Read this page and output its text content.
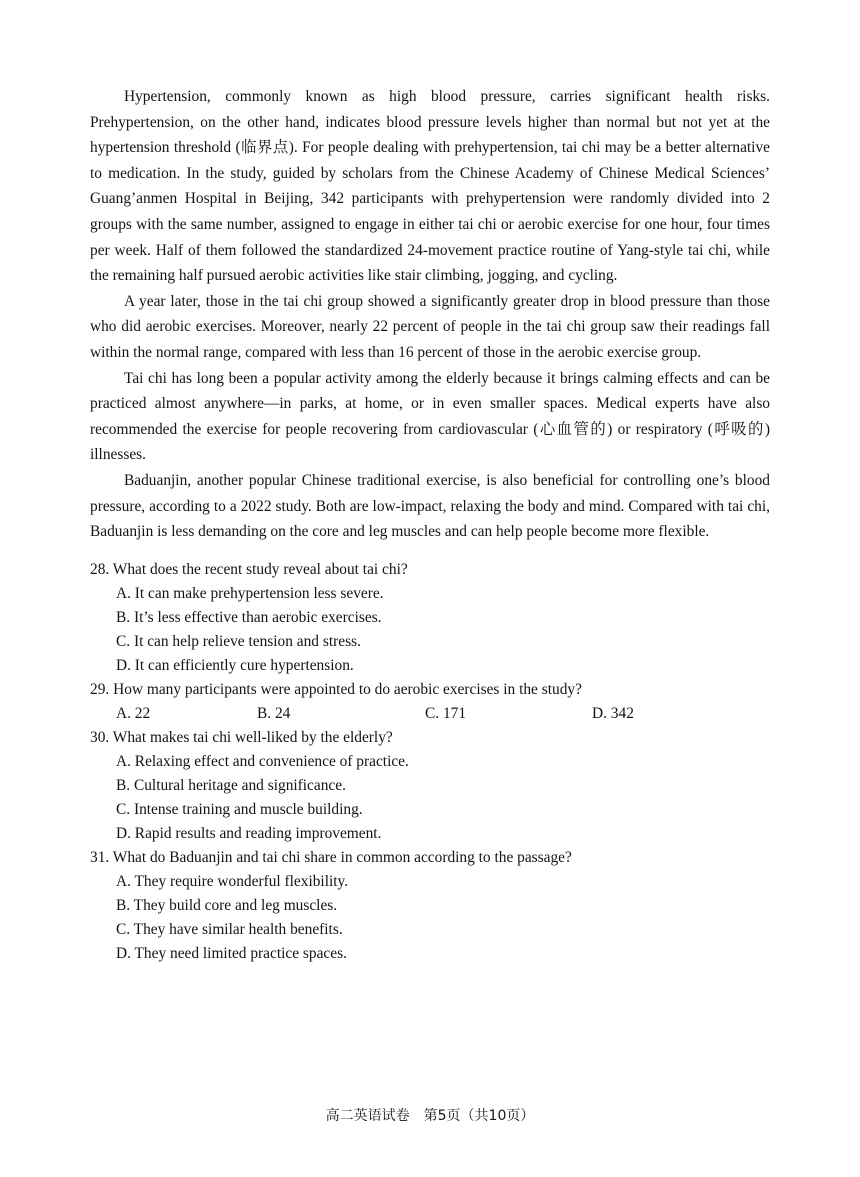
Hypertension, commonly known as high blood pressure, carries significant health risks. Prehypertension, on the other hand, indicates blood pressure levels higher than normal but not yet at the hypertension threshold (临界点). For people dealing with prehypertension, tai chi may be a better alternative to medication. In the study, guided by scholars from the Chinese Academy of Chinese Medical Sciences’ Guang’anmen Hospital in Beijing, 342 participants with prehypertension were randomly divided into 2 groups with the same number, assigned to engage in either tai chi or aerobic exercise for one hour, four times per week. Half of them followed the standardized 24-movement practice routine of Yang-style tai chi, while the remaining half pursued aerobic activities like stair climbing, jogging, and cycling.

A year later, those in the tai chi group showed a significantly greater drop in blood pressure than those who did aerobic exercises. Moreover, nearly 22 percent of people in the tai chi group saw their readings fall within the normal range, compared with less than 16 percent of those in the aerobic exercise group.

Tai chi has long been a popular activity among the elderly because it brings calming effects and can be practiced almost anywhere—in parks, at home, or in even smaller spaces. Medical experts have also recommended the exercise for people recovering from cardiovascular (心血管的) or respiratory (呼吸的) illnesses.

Baduanjin, another popular Chinese traditional exercise, is also beneficial for controlling one’s blood pressure, according to a 2022 study. Both are low-impact, relaxing the body and mind. Compared with tai chi, Baduanjin is less demanding on the core and leg muscles and can help people become more flexible.

28. What does the recent study reveal about tai chi?

A. It can make prehypertension less severe.

B. It’s less effective than aerobic exercises.

C. It can help relieve tension and stress.

D. It can efficiently cure hypertension.

29. How many participants were appointed to do aerobic exercises in the study?

A. 22	B. 24	C. 171	D. 342

30. What makes tai chi well-liked by the elderly?

A. Relaxing effect and convenience of practice.

B. Cultural heritage and significance.

C. Intense training and muscle building.

D. Rapid results and reading improvement.

31. What do Baduanjin and tai chi share in common according to the passage?

A. They require wonderful flexibility.

B. They build core and leg muscles.

C. They have similar health benefits.

D. They need limited practice spaces.

高二英语试卷　第5页（共10页）
